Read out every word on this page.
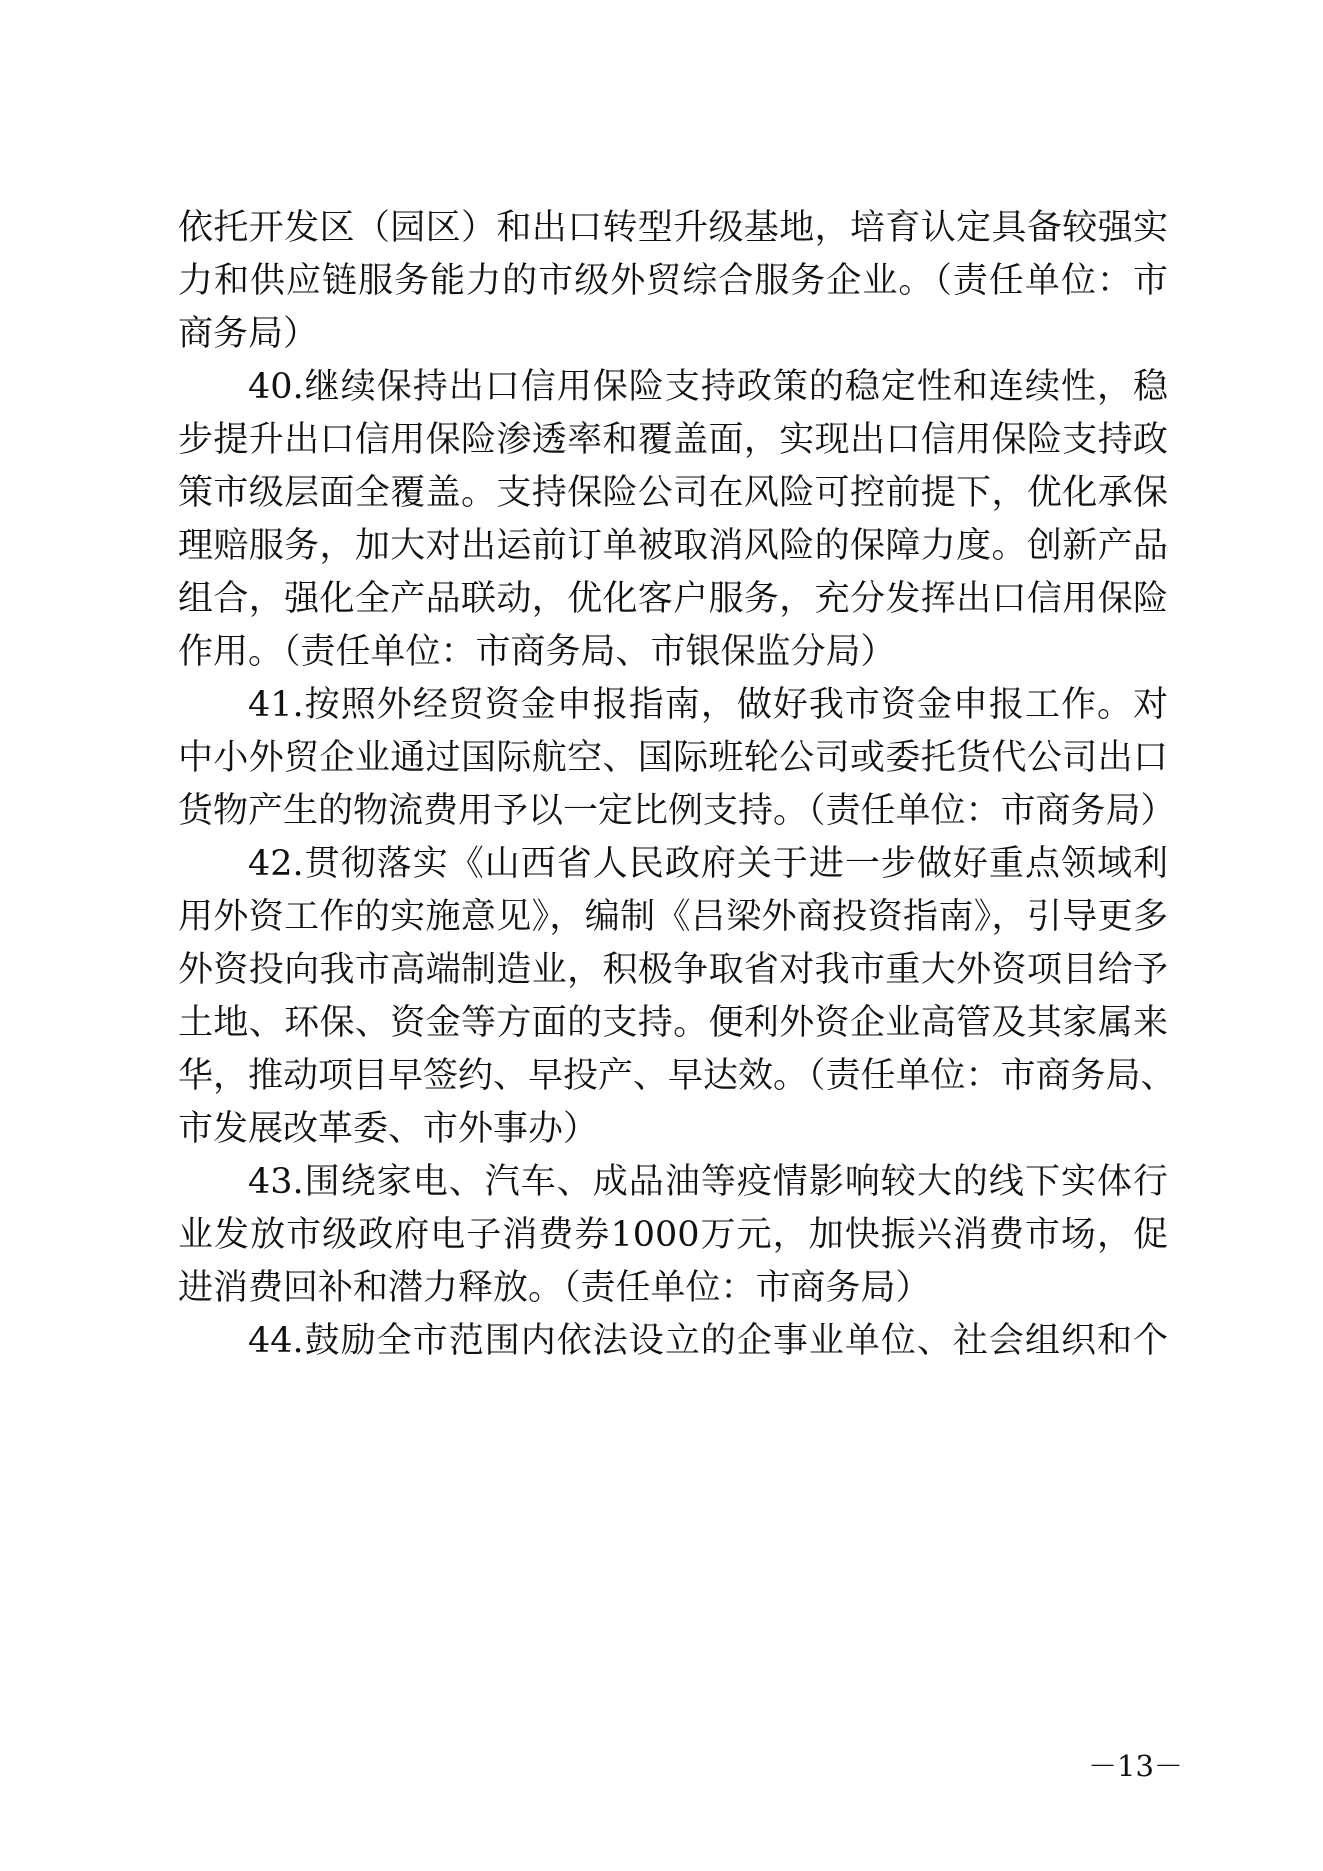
依托开发区（园区）和出口转型升级基地，培育认定具备较强实
力和供应链服务能力的市级外贸综合服务企业。（责任单位：市
商务局）
40.继续保持出口信用保险支持政策的稳定性和连续性，稳
步提升出口信用保险渗透率和覆盖面，实现出口信用保险支持政
策市级层面全覆盖。支持保险公司在风险可控前提下，优化承保
理赔服务，加大对出运前订单被取消风险的保障力度。创新产品
组合，强化全产品联动，优化客户服务，充分发挥出口信用保险
作用。（责任单位：市商务局、市银保监分局）
41.按照外经贸资金申报指南，做好我市资金申报工作。对
中小外贸企业通过国际航空、国际班轮公司或委托货代公司出口
货物产生的物流费用予以一定比例支持。（责任单位：市商务局）
42.贯彻落实《山西省人民政府关于进一步做好重点领域利
用外资工作的实施意见》，编制《吕梁外商投资指南》，引导更多
外资投向我市高端制造业，积极争取省对我市重大外资项目给予
土地、环保、资金等方面的支持。便利外资企业高管及其家属来
华，推动项目早签约、早投产、早达效。（责任单位：市商务局、
市发展改革委、市外事办）
43.围绕家电、汽车、成品油等疫情影响较大的线下实体行
业发放市级政府电子消费券1000万元，加快振兴消费市场，促
进消费回补和潜力释放。（责任单位：市商务局）
44.鼓励全市范围内依法设立的企事业单位、社会组织和个
－13－
